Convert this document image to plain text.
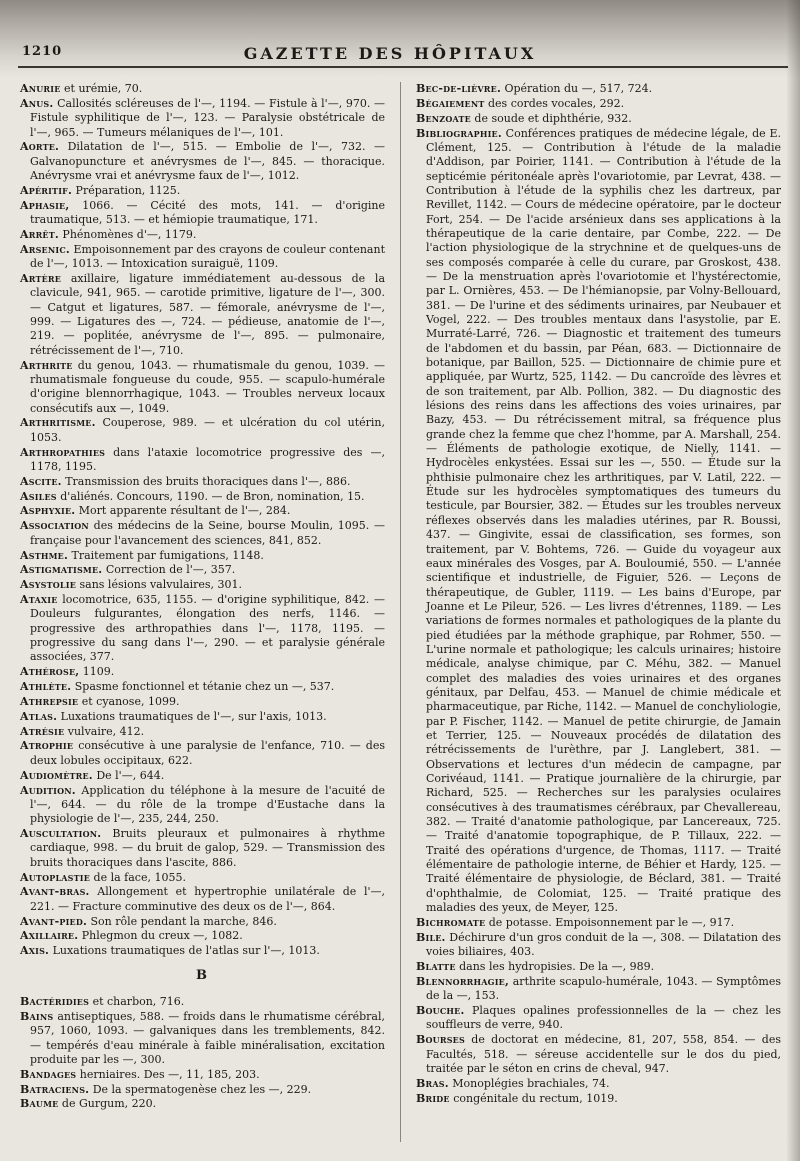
1210	GAZETTE DES HÔPITAUX

Anurie et urémie, 70.

Anus. Callosités scléreuses de l'—, 1194. — Fistule à l'—, 970. — Fistule syphilitique de l'—, 123. — Paralysie obstétricale de l'—, 965. — Tumeurs mélaniques de l'—, 101.

Aorte. Dilatation de l'—, 515. — Embolie de l'—, 732. — Galvanopuncture et anévrysmes de l'—, 845. — thoracique. Anévrysme vrai et anévrysme faux de l'—, 1012.

Apéritif. Préparation, 1125.

Aphasie, 1066. — Cécité des mots, 141. — d'origine traumatique, 513. — et hémiopie traumatique, 171.

Arrêt. Phénomènes d'—, 1179.

Arsenic. Empoisonnement par des crayons de couleur contenant de l'—, 1013. — Intoxication suraiguë, 1109.

Artère axillaire, ligature immédiatement au-dessous de la clavicule, 941, 965. — carotide primitive, ligature de l'—, 300. — Catgut et ligatures, 587. — fémorale, anévrysme de l'—, 999. — Ligatures des —, 724. — pédieuse, anatomie de l'—, 219. — poplitée, anévrysme de l'—, 895. — pulmonaire, rétrécissement de l'—, 710.

Arthrite du genou, 1043. — rhumatismale du genou, 1039. — rhumatismale fongueuse du coude, 955. — scapulo-humérale d'origine blennorrhagique, 1043. — Troubles nerveux locaux consécutifs aux —, 1049.

Arthritisme. Couperose, 989. — et ulcération du col utérin, 1053.

Arthropathies dans l'ataxie locomotrice progressive des —, 1178, 1195.

Ascite. Transmission des bruits thoraciques dans l'—, 886.

Asiles d'aliénés. Concours, 1190. — de Bron, nomination, 15.

Asphyxie. Mort apparente résultant de l'—, 284.

Association des médecins de la Seine, bourse Moulin, 1095. — française pour l'avancement des sciences, 841, 852.

Asthme. Traitement par fumigations, 1148.

Astigmatisme. Correction de l'—, 357.

Asystolie sans lésions valvulaires, 301.

Ataxie locomotrice, 635, 1155. — d'origine syphilitique, 842. — Douleurs fulgurantes, élongation des nerfs, 1146. — progressive des arthropathies dans l'—, 1178, 1195. — progressive du sang dans l'—, 290. — et paralysie générale associées, 377.

Athérose, 1109.

Athlète. Spasme fonctionnel et tétanie chez un —, 537.

Athrepsie et cyanose, 1099.

Atlas. Luxations traumatiques de l'—, sur l'axis, 1013.

Atrésie vulvaire, 412.

Atrophie consécutive à une paralysie de l'enfance, 710. — des deux lobules occipitaux, 622.

Audiomètre. De l'—, 644.

Audition. Application du téléphone à la mesure de l'acuité de l'—, 644. — du rôle de la trompe d'Eustache dans la physiologie de l'—, 235, 244, 250.

Auscultation. Bruits pleuraux et pulmonaires à rhythme cardiaque, 998. — du bruit de galop, 529. — Transmission des bruits thoraciques dans l'ascite, 886.

Autoplastie de la face, 1055.

Avant-bras. Allongement et hypertrophie unilatérale de l'—, 221. — Fracture comminutive des deux os de l'—, 864.

Avant-pied. Son rôle pendant la marche, 846.

Axillaire. Phlegmon du creux —, 1082.

Axis. Luxations traumatiques de l'atlas sur l'—, 1013.

B

Bactéridies et charbon, 716.

Bains antiseptiques, 588. — froids dans le rhumatisme cérébral, 957, 1060, 1093. — galvaniques dans les tremblements, 842. — tempérés d'eau minérale à faible minéralisation, excitation produite par les —, 300.

Bandages herniaires. Des —, 11, 185, 203.

Batraciens. De la spermatogenèse chez les —, 229.

Baume de Gurgum, 220.

Bec-de-lièvre. Opération du —, 517, 724.

Bégaiement des cordes vocales, 292.

Benzoate de soude et diphthérie, 932.

Bibliographie. Conférences pratiques de médecine légale, de E. Clément, 125. — Contribution à l'étude de la maladie d'Addison, par Poirier, 1141. — Contribution à l'étude de la septicémie péritonéale après l'ovariotomie, par Levrat, 438. — Contribution à l'étude de la syphilis chez les dartreux, par Revillet, 1142. — Cours de médecine opératoire, par le docteur Fort, 254. — De l'acide arsénieux dans ses applications à la thérapeutique de la carie dentaire, par Combe, 222. — De l'action physiologique de la strychnine et de quelques-uns de ses composés comparée à celle du curare, par Groskost, 438. — De la menstruation après l'ovariotomie et l'hystérectomie, par L. Ornières, 453. — De l'hémianopsie, par Volny-Bellouard, 381. — De l'urine et des sédiments urinaires, par Neubauer et Vogel, 222. — Des troubles mentaux dans l'asystolie, par E. Murraté-Larré, 726. — Diagnostic et traitement des tumeurs de l'abdomen et du bassin, par Péan, 683. — Dictionnaire de botanique, par Baillon, 525. — Dictionnaire de chimie pure et appliquée, par Wurtz, 525, 1142. — Du cancroïde des lèvres et de son traitement, par Alb. Pollion, 382. — Du diagnostic des lésions des reins dans les affections des voies urinaires, par Bazy, 453. — Du rétrécissement mitral, sa fréquence plus grande chez la femme que chez l'homme, par A. Marshall, 254. — Éléments de pathologie exotique, de Nielly, 1141. — Hydrocèles enkystées. Essai sur les —, 550. — Étude sur la phthisie pulmonaire chez les arthritiques, par V. Latil, 222. — Étude sur les hydrocèles symptomatiques des tumeurs du testicule, par Boursier, 382. — Études sur les troubles nerveux réflexes observés dans les maladies utérines, par R. Boussi, 437. — Gingivite, essai de classification, ses formes, son traitement, par V. Bohtems, 726. — Guide du voyageur aux eaux minérales des Vosges, par A. Bouloumié, 550. — L'année scientifique et industrielle, de Figuier, 526. — Leçons de thérapeutique, de Gubler, 1119. — Les bains d'Europe, par Joanne et Le Pileur, 526. — Les livres d'étrennes, 1189. — Les variations de formes normales et pathologiques de la plante du pied étudiées par la méthode graphique, par Rohmer, 550. — L'urine normale et pathologique; les calculs urinaires; histoire médicale, analyse chimique, par C. Méhu, 382. — Manuel complet des maladies des voies urinaires et des organes génitaux, par Delfau, 453. — Manuel de chimie médicale et pharmaceutique, par Riche, 1142. — Manuel de conchyliologie, par P. Fischer, 1142. — Manuel de petite chirurgie, de Jamain et Terrier, 125. — Nouveaux procédés de dilatation des rétrécissements de l'urèthre, par J. Langlebert, 381. — Observations et lectures d'un médecin de campagne, par Corivéaud, 1141. — Pratique journalière de la chirurgie, par Richard, 525. — Recherches sur les paralysies oculaires consécutives à des traumatismes cérébraux, par Chevallereau, 382. — Traité d'anatomie pathologique, par Lancereaux, 725. — Traité d'anatomie topographique, de P. Tillaux, 222. — Traité des opérations d'urgence, de Thomas, 1117. — Traité élémentaire de pathologie interne, de Béhier et Hardy, 125. — Traité élémentaire de physiologie, de Béclard, 381. — Traité d'ophthalmie, de Colomiat, 125. — Traité pratique des maladies des yeux, de Meyer, 125.

Bichromate de potasse. Empoisonnement par le —, 917.

Bile. Déchirure d'un gros conduit de la —, 308. — Dilatation des voies biliaires, 403.

Blatte dans les hydropisies. De la —, 989.

Blennorrhagie, arthrite scapulo-humérale, 1043. — Symptômes de la —, 153.

Bouche. Plaques opalines professionnelles de la — chez les souffleurs de verre, 940.

Bourses de doctorat en médecine, 81, 207, 558, 854. — des Facultés, 518. — séreuse accidentelle sur le dos du pied, traitée par le séton en crins de cheval, 947.

Bras. Monoplégies brachiales, 74.

Bride congénitale du rectum, 1019.
